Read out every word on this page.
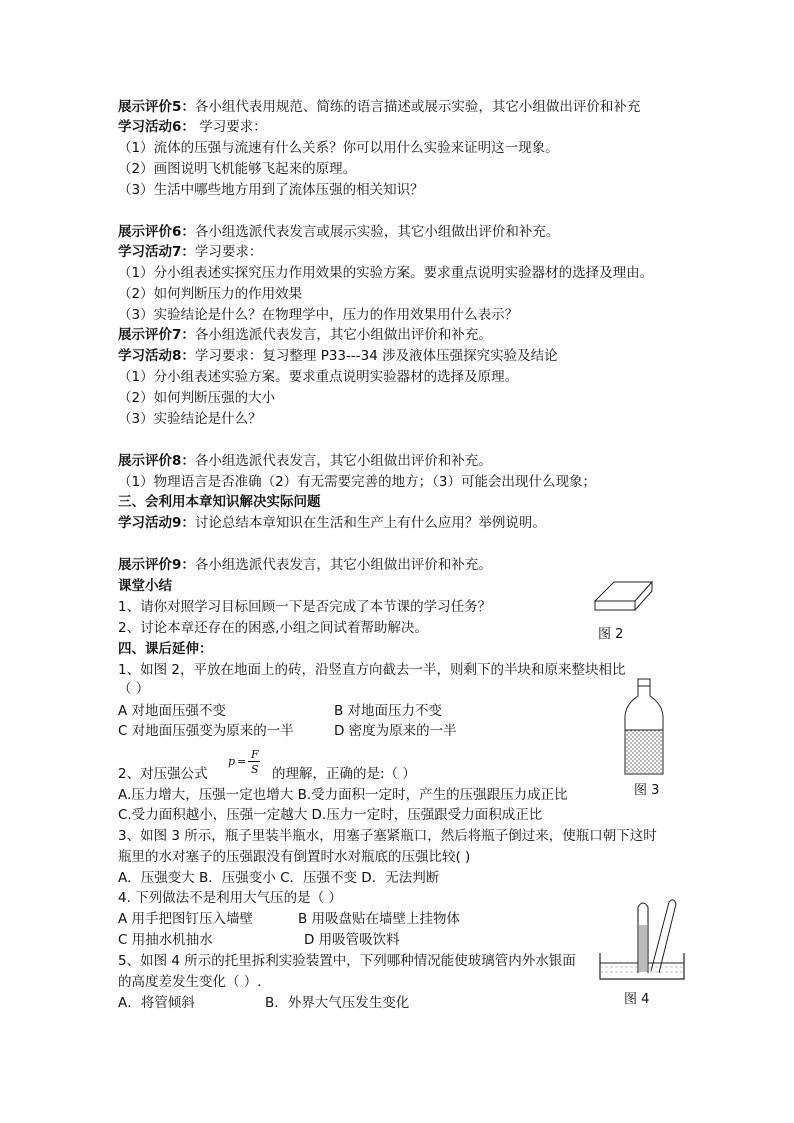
展示评价5：各小组代表用规范、简练的语言描述或展示实验，其它小组做出评价和补充
学习活动6： 学习要求：
（1）流体的压强与流速有什么关系？你可以用什么实验来证明这一现象。
（2）画图说明飞机能够飞起来的原理。
（3）生活中哪些地方用到了流体压强的相关知识？
展示评价6：各小组选派代表发言或展示实验，其它小组做出评价和补充。
学习活动7：学习要求：
（1）分小组表述实探究压力作用效果的实验方案。要求重点说明实验器材的选择及理由。
（2）如何判断压力的作用效果
（3）实验结论是什么？在物理学中，压力的作用效果用什么表示？
展示评价7：各小组选派代表发言，其它小组做出评价和补充。
学习活动8：学习要求：复习整理 P33---34 涉及液体压强探究实验及结论
（1）分小组表述实验方案。要求重点说明实验器材的选择及原理。
（2）如何判断压强的大小
（3）实验结论是什么？
展示评价8：各小组选派代表发言，其它小组做出评价和补充。
（1）物理语言是否准确（2）有无需要完善的地方；（3）可能会出现什么现象；
三、会利用本章知识解决实际问题
学习活动9：讨论总结本章知识在生活和生产上有什么应用？举例说明。
展示评价9：各小组选派代表发言，其它小组做出评价和补充。
课堂小结
1、请你对照学习目标回顾一下是否完成了本节课的学习任务？
2、讨论本章还存在的困惑,小组之间试着帮助解决。
四、课后延伸：
1、如图 2，平放在地面上的砖，沿竖直方向截去一半，则剩下的半块和原来整块相比
（ ）
A 对地面压强不变	B 对地面压力不变
C 对地面压强变为原来的一半	D 密度为原来的一半
2、对压强公式
p =
F
S 的理解，正确的是:（ ）
A.压力增大，压强一定也增大 B.受力面积一定时，产生的压强跟压力成正比
C.受力面积越小，压强一定越大 D.压力一定时，压强跟受力面积成正比
3、如图 3 所示，瓶子里装半瓶水，用塞子塞紧瓶口，然后将瓶子倒过来，使瓶口朝下这时
瓶里的水对塞子的压强跟没有倒置时水对瓶底的压强比较( )
A．压强变大 B．压强变小 C．压强不变 D．无法判断
4. 下列做法不是利用大气压的是（ ）
A 用手把图钉压入墙壁	B 用吸盘贴在墙壁上挂物体
C 用抽水机抽水	D 用吸管吸饮料
5、如图 4 所示的托里拆利实验装置中，下列哪种情况能使玻璃管内外水银面
的高度差发生变化（ ）.
A．将管倾斜	B．外界大气压发生变化
图 2
图 3
图 4
